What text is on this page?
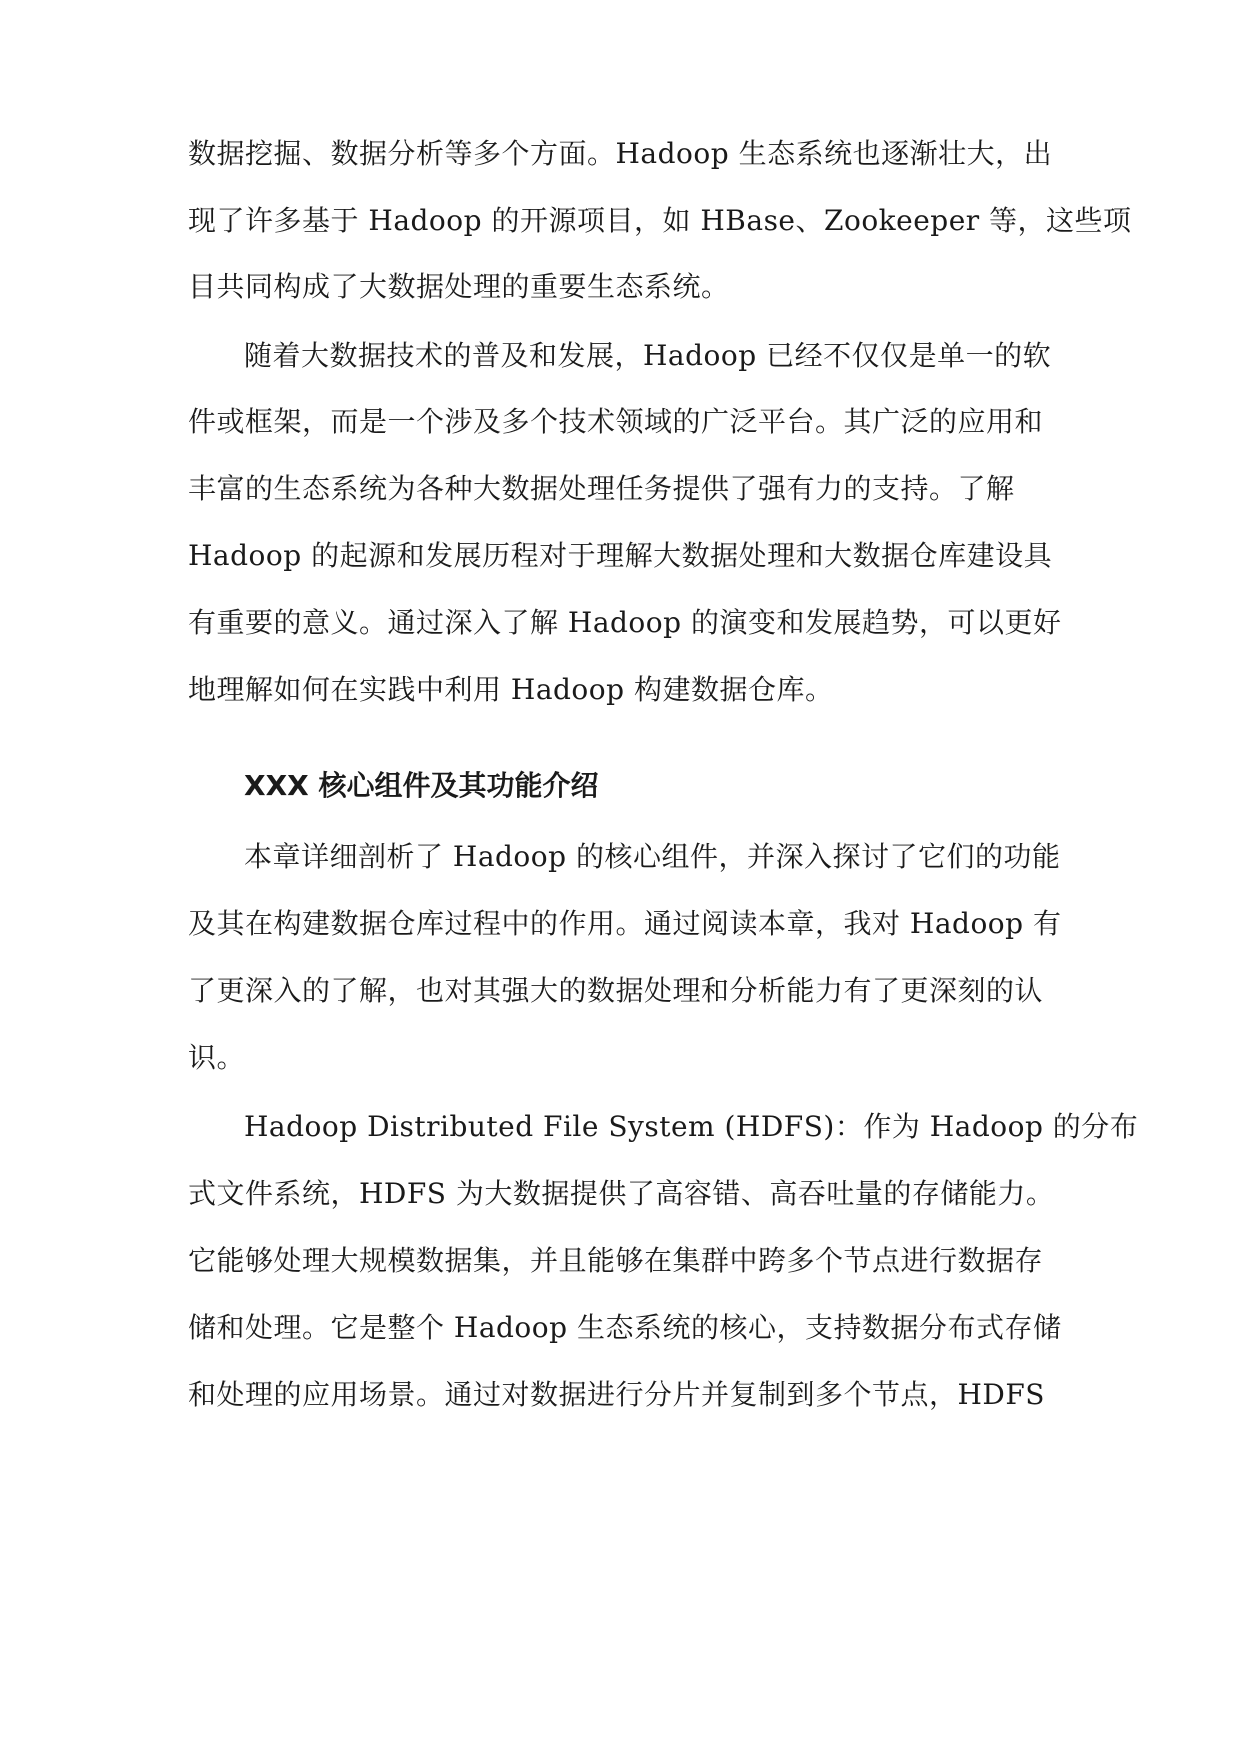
数据挖掘、数据分析等多个方面。Hadoop 生态系统也逐渐壮大，出
现了许多基于 Hadoop 的开源项目，如 HBase、Zookeeper 等，这些项
目共同构成了大数据处理的重要生态系统。
随着大数据技术的普及和发展，Hadoop 已经不仅仅是单一的软
件或框架，而是一个涉及多个技术领域的广泛平台。其广泛的应用和
丰富的生态系统为各种大数据处理任务提供了强有力的支持。了解
Hadoop 的起源和发展历程对于理解大数据处理和大数据仓库建设具
有重要的意义。通过深入了解 Hadoop 的演变和发展趋势，可以更好
地理解如何在实践中利用 Hadoop 构建数据仓库。
XXX 核心组件及其功能介绍
本章详细剖析了 Hadoop 的核心组件，并深入探讨了它们的功能
及其在构建数据仓库过程中的作用。通过阅读本章，我对 Hadoop 有
了更深入的了解，也对其强大的数据处理和分析能力有了更深刻的认
识。
Hadoop Distributed File System (HDFS)：作为 Hadoop 的分布
式文件系统，HDFS 为大数据提供了高容错、高吞吐量的存储能力。
它能够处理大规模数据集，并且能够在集群中跨多个节点进行数据存
储和处理。它是整个 Hadoop 生态系统的核心，支持数据分布式存储
和处理的应用场景。通过对数据进行分片并复制到多个节点，HDFS
